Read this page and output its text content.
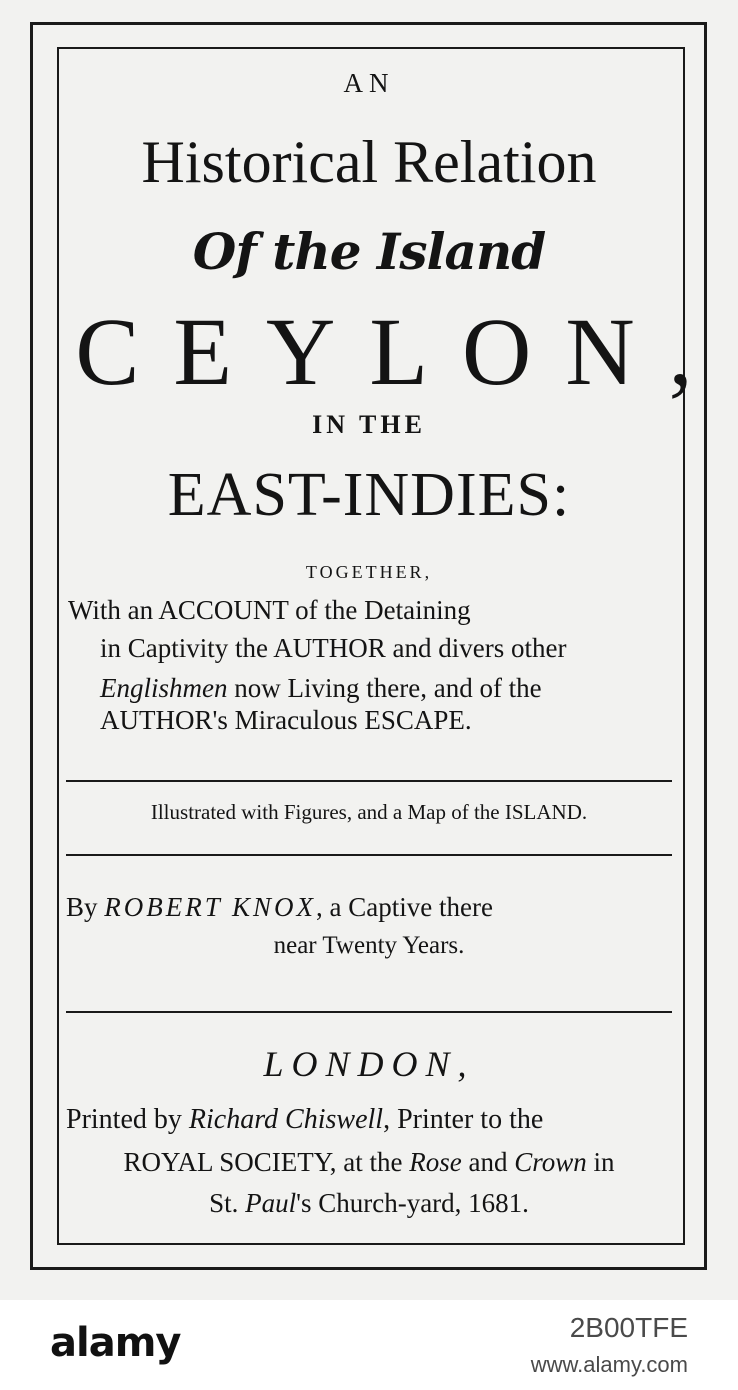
AN
Historical Relation
Of the Island
CEYLON,
IN THE
EAST-INDIES:
TOGETHER,
With an ACCOUNT of the Detaining
in Captivity the AUTHOR and divers other
Englishmen now Living there, and of the
AUTHOR's Miraculous ESCAPE.
Illustrated with Figures, and a Map of the ISLAND.
By ROBERT KNOX, a Captive there
near Twenty Years.
LONDON,
Printed by Richard Chiswell, Printer to the
ROYAL SOCIETY, at the Rose and Crown in
St. Paul's Church-yard, 1681.
alamy	2B00TFE
www.alamy.com
